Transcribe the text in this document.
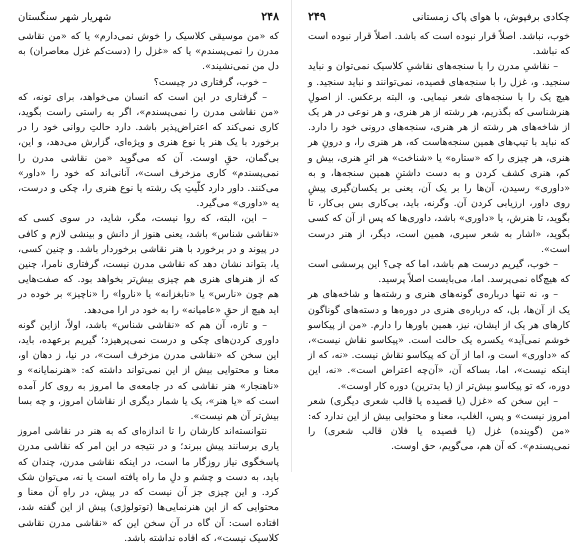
۲۴۸
شهریار شهر سنگستان

که «من موسیقی کلاسیک را خوش نمی‌دارم» یا که «من نقاشی مدرن را نمی‌پسندم» یا که «غزل را (دست‌کم غزل معاصران) به دل من نمی‌نشیند».

– خوب، گرفتاری در چیست؟

– گرفتاری در این است که انسان می‌خواهد، برای تونه، که «من نقاشی مدرن را نمی‌پسندم»، اگر به راستی راست بگوید، کاری نمی‌کند که اعتراض‌پذیر باشد. دارد حالتِ روانی خود را در برخورد با یک هنر یا نوع هنری و ویژه‌ای، گزارش می‌دهد، و این، بی‌گمان، حقِ اوست. آن که می‌گوید «من نقاشی مدرن را نمی‌پسندم» کاری مزخرف است»، آنانی‌اند که خود را «داور» می‌کنند. داور دارد کلّیتِ یک رشته یا نوع هنری را، چکی و درست، یه «داوری» می‌گیرد.

– این، البته، که روا نیست، مگر، شاید، در سوی کسی که «نقاشی شناس» باشد، یعنی هنوز از دانش و بینشی لازم و کافی در پیوند و در برخورد با هنر نقاشی برخوردار باشد. و چنین کسی، یا، بتواند نشان دهد که نقاشی مدرن نیست، گرفتاری نامرا، چنین که از هنرهای هنری هم چیزی بیش‌تر بخواهد بود. که صفت‌هایی هم چون «نارس» یا «نابغزانه» یا «ناروا» را «ناچیز» بر خوده در اید هیچ از حقِ «عامیانه» را به خود در ارا می‌دهد.

– و تازه، آن هم که «نقاشی شناس» باشد، اولاً، ازاین گونه داوری کردن‌های چکی و درست نمی‌پرهیزد؛ گیریم برعهده، باید، این سخن که «نقاشی مدرن مزخرف است»، در نیا، ز دهان او، معنا و محتوایی بیش از این نمی‌تواند داشته که: «هنرنمایانه» و «ناهنجار» هنر نقاشی که در جامعه‌ی ما امروز به روی کار آمده است که «یا هنر»، یک یا شمار دیگری از نقاشان امروز، و چه بسا بیش‌تر آن هم نیست».

نتوانسته‌اند کارشان را تا اندازه‌ای که به هنر در نقاشی امروز یاری برسانند پیش ببرند؛ و در نتیجه در این امر که نقاشی مدرن پاسخگوی نیاز روزگار ما است، در اینکه نقاشی مدرن، چندان که باید، به دست و چشم و دلِ ما راه یافته است یا نه، می‌توان شک کرد. و این چیزی جز آن نیست که در پیش، در راهِ آن معنا و محتوایی که از این هنرنمایی‌ها (توتولوژی) پیش از این گفته شد، افتاده است: آن گاه در آن سخن این که «نقاشی مدرن نقاشی کلاسیک نیست»، که افاده نداشته باشد.

چکادی برفپوش، با هوای پاک زمستانی
۲۴۹

خوب، نباشد. اصلاً قرار نبوده است که باشد. اصلاً قرار نبوده است که نباشد.

– نقاشیِ مدرن را با سنجه‌های نقاشیِ کلاسیک نمی‌توان و نباید سنجید. و، غزل را با سنجه‌های قصیده، نمی‌توانند و نباید سنجید. و هیچ یک را با سنجه‌های شعر نیمایی. و، البته برعکس. از اصولِ هنرشناسی که بگذریم، هر رشته از هر هنری، و هر نوعی در هر یک از شاخه‌های هر رشته از هر هنری، سنجه‌های درونی خود را دارد. که نباید با تیپ‌های همین سنجه‌هاست که، هر هنری را، و درونِ هر هنری، هر چیزی را که «ستاره» یا «شناخت» هر اثرِ هنری، بیش و کم، هنری کشف کردن و به دست داشتنِ همین سنجه‌ها، و به «داوری» رسیدن، آن‌ها را بر یک آن، یعنی بر یکسان‌گیری پیشِ روی داور، ارزیابی کردن آن. وگرنه، باید، بی‌کاری بس بی‌کار، تا بگوید، تا هنرش، یا «داوری» باشد، داوری‌ها که پس از آن که کسی بگوید، «اشار به شعر سیری، همین است، دیگر، از هنر درست است».

– خوب، گیریم درست هم باشد، اما که چی؟ این پرسشی است که هیچ‌گاه نمی‌پرسد. اما، می‌بایست اصلاً پرسید.

– و، نه تنها درباره‌ی گونه‌های هنری و رشته‌ها و شاخه‌های هر یک از آن‌ها، بل، که درباره‌ی هنری در دوره‌ها و دسته‌های گوناگون کارهای هر یک از ایشان، نیز، همین باورها را دارم. «من از پیکاسو خوشم نمی‌آید» یکسره یک حالت است. «پیکاسو نقاش نیست»، که «داوری» است و، اما از آن که پیکاسو نقاش نیست. «نه، که از اینکه نیست»، اما، بساکه آن، «آن‌چه اعتراض است». «نه، این دوره، که تو پیکاسو بیش‌تر از (یا بد‌ترین) دوره کار اوست».

– این سخن که «غزل (یا قصیده یا قالب شعری دیگری) شعر امروز نیست» و پس، الغلب، معنا و محتوایی بیش از این ندارد که: «من (گوینده) غزل (یا قصیده یا فلان قالب شعری) را نمی‌پسندم». که آن هم، می‌گویم، حق اوست.
